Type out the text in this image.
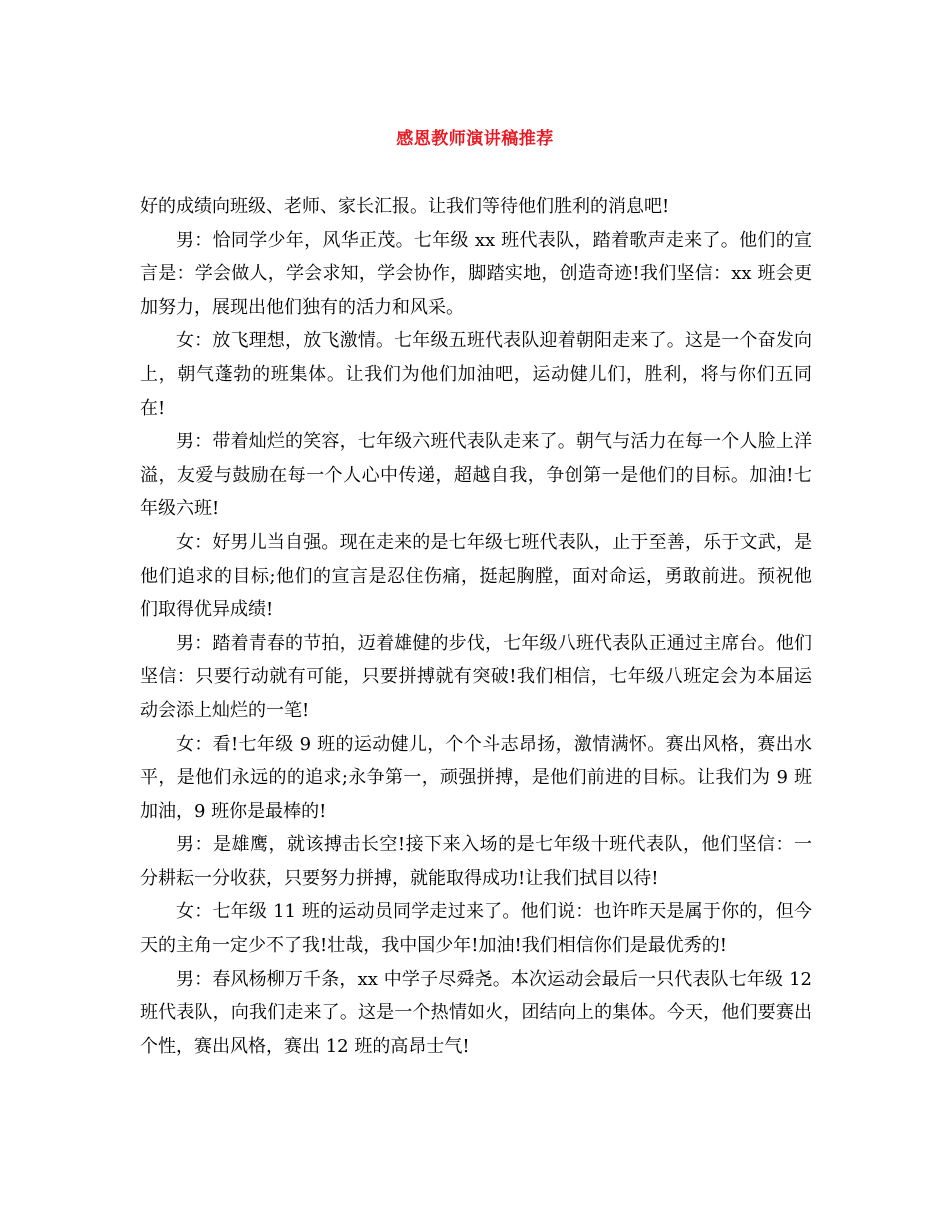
感恩教师演讲稿推荐

好的成绩向班级、老师、家长汇报。让我们等待他们胜利的消息吧!

男：恰同学少年，风华正茂。七年级 xx 班代表队，踏着歌声走来了。他们的宣言是：学会做人，学会求知，学会协作，脚踏实地，创造奇迹!我们坚信：xx 班会更加努力，展现出他们独有的活力和风采。

女：放飞理想，放飞激情。七年级五班代表队迎着朝阳走来了。这是一个奋发向上，朝气蓬勃的班集体。让我们为他们加油吧，运动健儿们，胜利，将与你们五同在!

男：带着灿烂的笑容，七年级六班代表队走来了。朝气与活力在每一个人脸上洋溢，友爱与鼓励在每一个人心中传递，超越自我，争创第一是他们的目标。加油!七年级六班!

女：好男儿当自强。现在走来的是七年级七班代表队，止于至善，乐于文武，是他们追求的目标;他们的宣言是忍住伤痛，挺起胸膛，面对命运，勇敢前进。预祝他们取得优异成绩!

男：踏着青春的节拍，迈着雄健的步伐，七年级八班代表队正通过主席台。他们坚信：只要行动就有可能，只要拼搏就有突破!我们相信，七年级八班定会为本届运动会添上灿烂的一笔!

女：看!七年级 9 班的运动健儿，个个斗志昂扬，激情满怀。赛出风格，赛出水平，是他们永远的的追求;永争第一，顽强拼搏，是他们前进的目标。让我们为 9 班加油，9 班你是最棒的!

男：是雄鹰，就该搏击长空!接下来入场的是七年级十班代表队，他们坚信：一分耕耘一分收获，只要努力拼搏，就能取得成功!让我们拭目以待!

女：七年级 11 班的运动员同学走过来了。他们说：也许昨天是属于你的，但今天的主角一定少不了我!壮哉，我中国少年!加油!我们相信你们是最优秀的!

男：春风杨柳万千条，xx 中学子尽舜尧。本次运动会最后一只代表队七年级 12 班代表队，向我们走来了。这是一个热情如火，团结向上的集体。今天，他们要赛出个性，赛出风格，赛出 12 班的高昂士气!
